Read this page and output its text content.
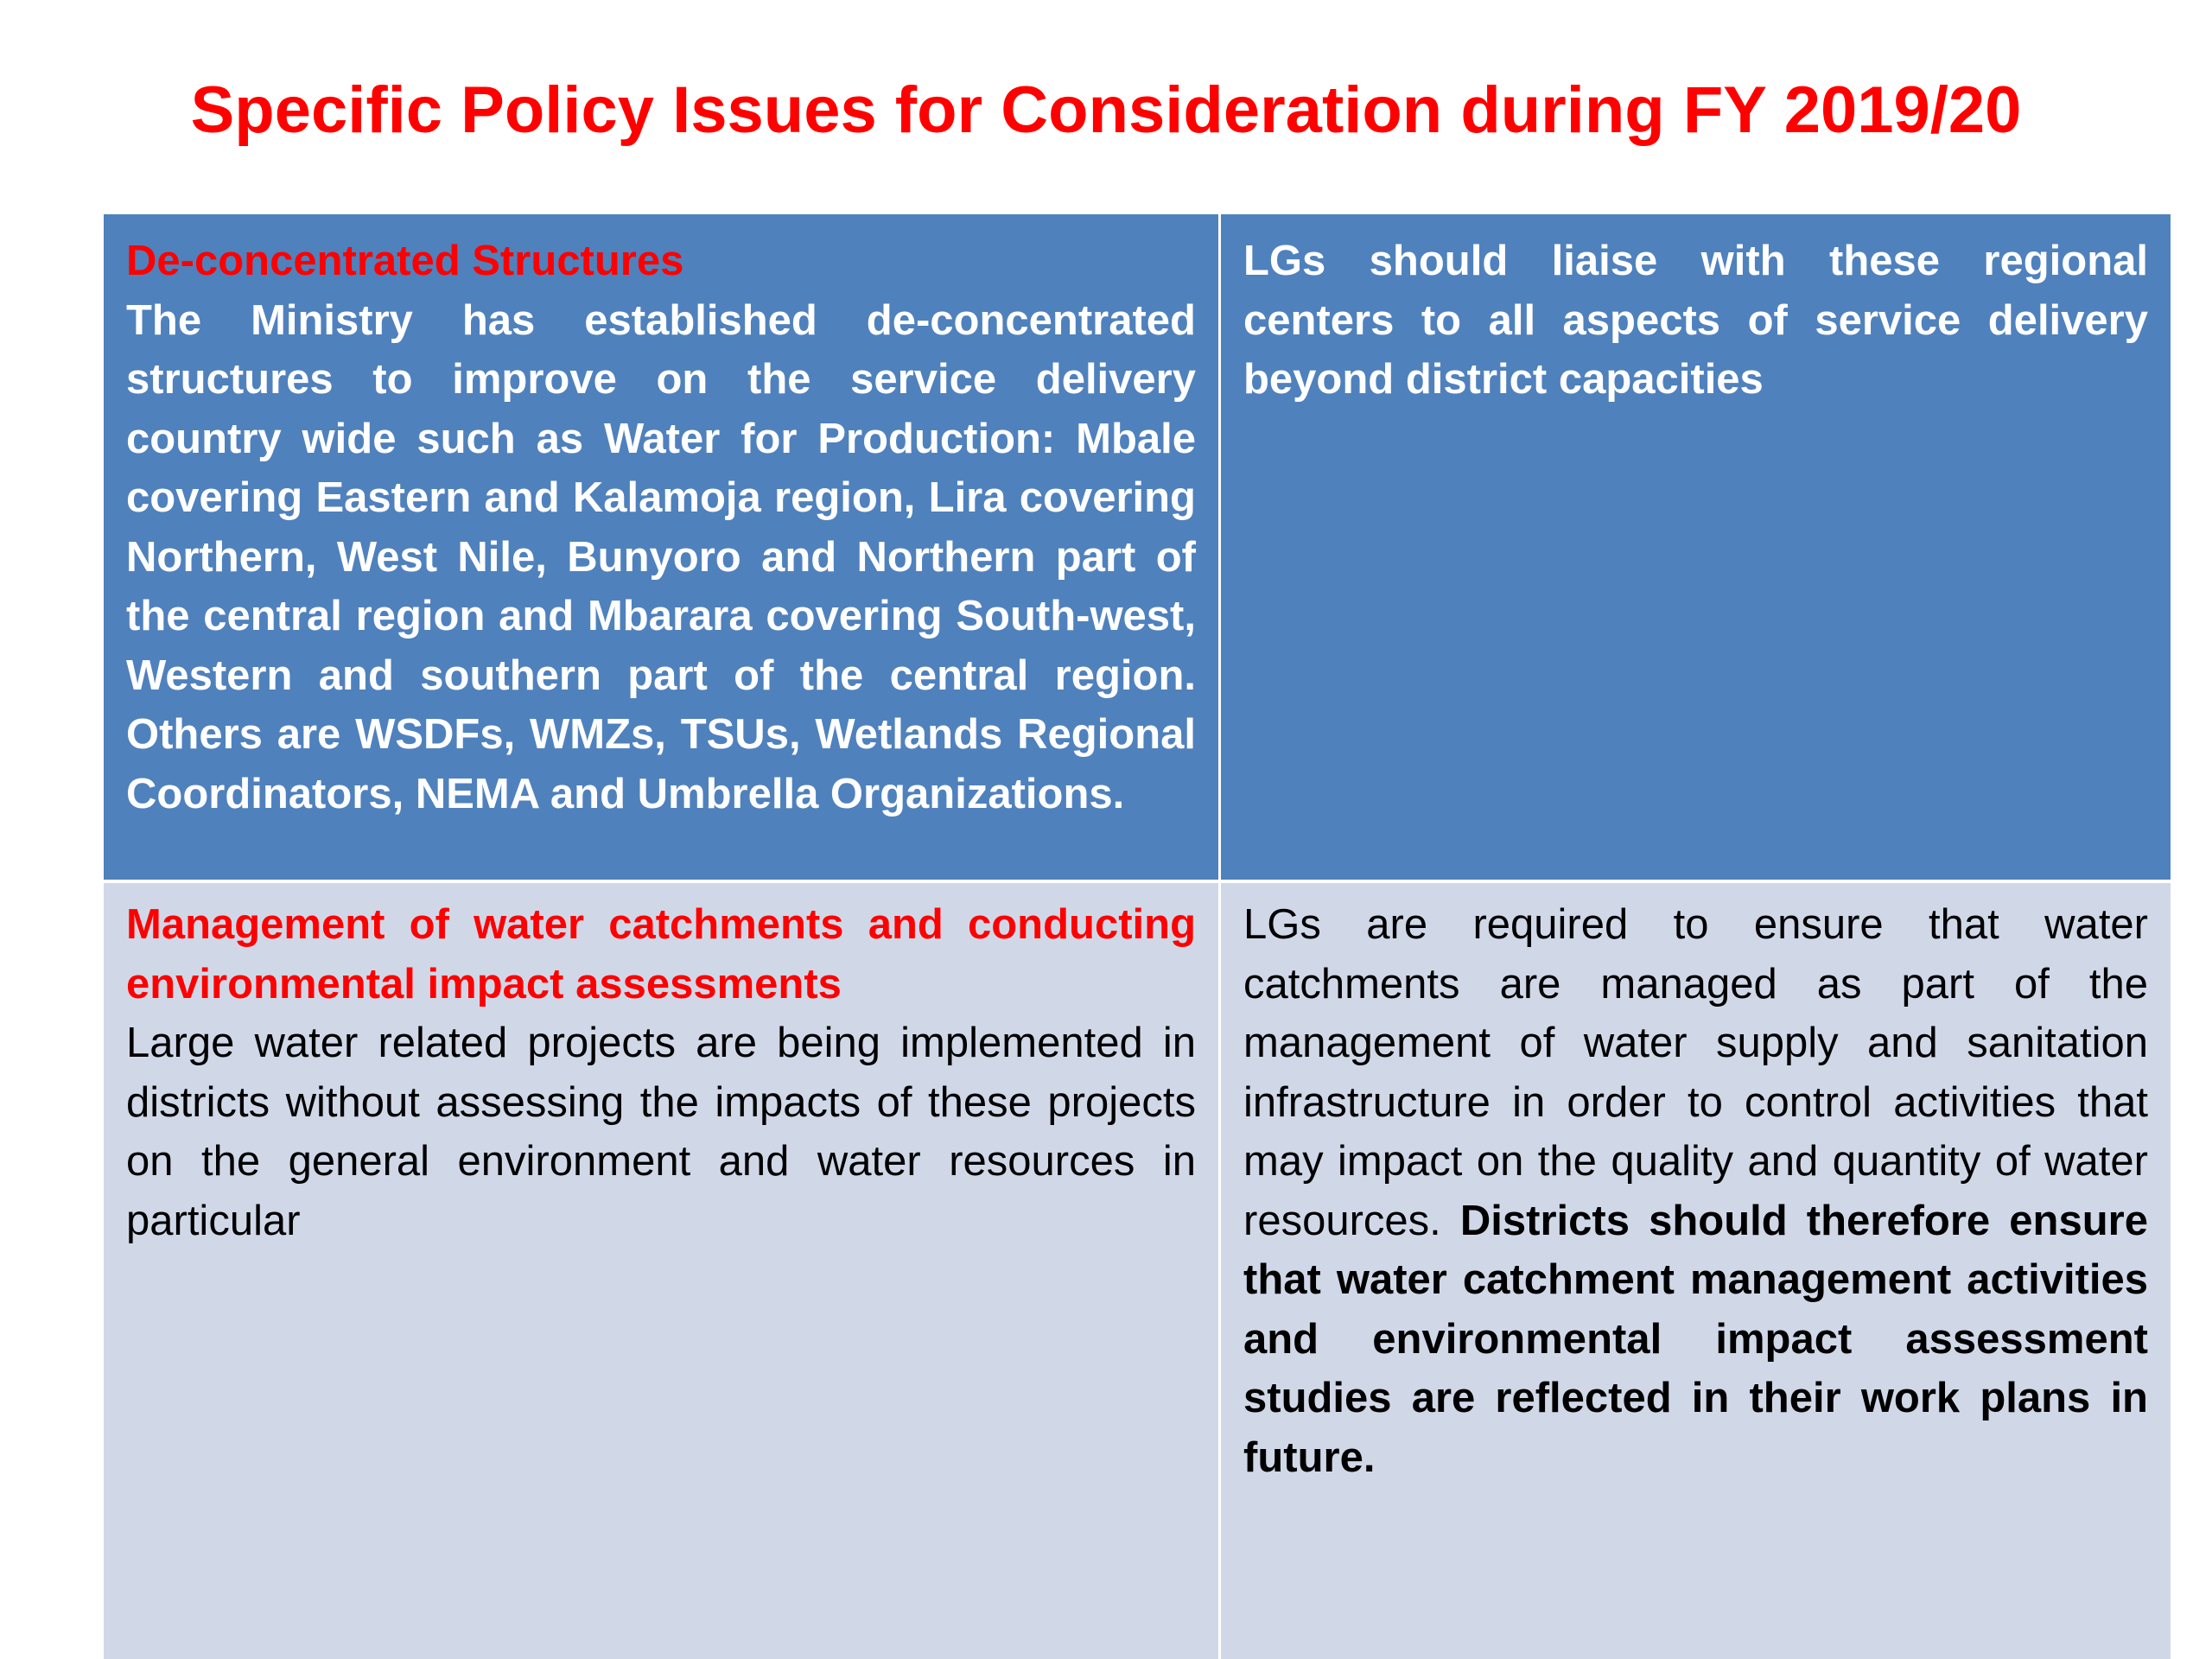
Specific Policy Issues for Consideration during FY 2019/20
De-concentrated Structures
The Ministry has established de-concentrated structures to improve on the service delivery country wide such as Water for Production: Mbale covering Eastern and Kalamoja region, Lira covering Northern, West Nile, Bunyoro and Northern part of the central region and Mbarara covering South-west, Western and southern part of the central region. Others are WSDFs, WMZs, TSUs, Wetlands Regional Coordinators, NEMA and Umbrella Organizations.
LGs should liaise with these regional centers to all aspects of service delivery beyond district capacities
Management of water catchments and conducting environmental impact assessments
Large water related projects are being implemented in districts without assessing the impacts of these projects on the general environment and water resources in particular
LGs are required to ensure that water catchments are managed as part of the management of water supply and sanitation infrastructure in order to control activities that may impact on the quality and quantity of water resources. Districts should therefore ensure that water catchment management activities and environmental impact assessment studies are reflected in their work plans in future.
